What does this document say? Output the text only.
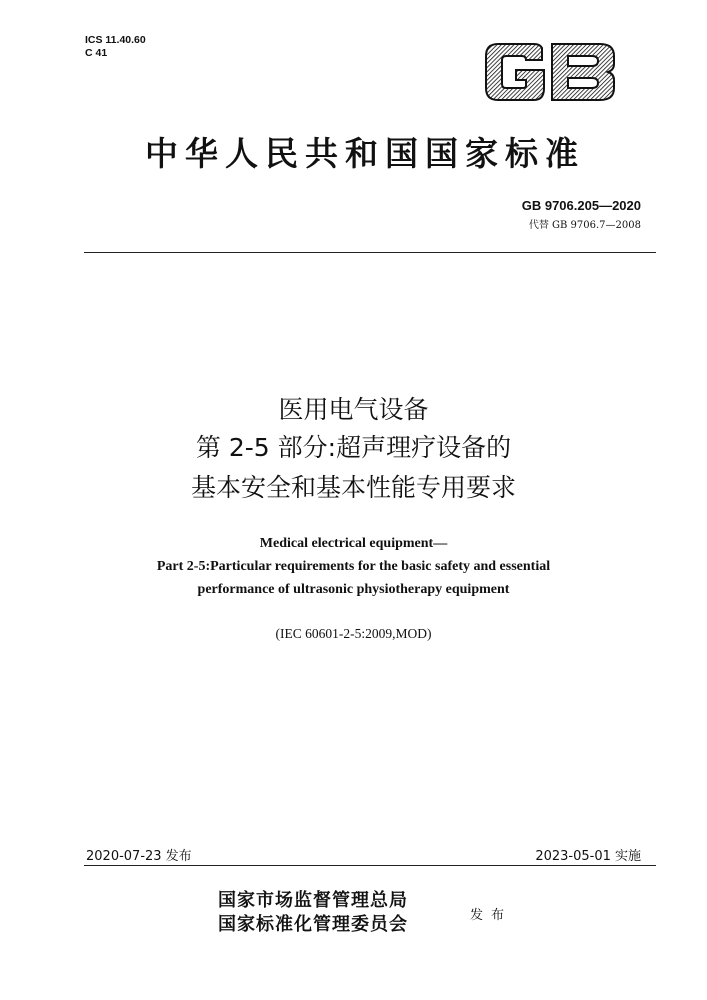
ICS 11.40.60
C 41
中华人民共和国国家标准
GB 9706.205—2020
代替 GB 9706.7—2008
医用电气设备
第 2-5 部分:超声理疗设备的
基本安全和基本性能专用要求
Medical electrical equipment—
Part 2-5:Particular requirements for the basic safety and essential
performance of ultrasonic physiotherapy equipment
(IEC 60601-2-5:2009,MOD)
2020-07-23 发布	2023-05-01 实施
国家市场监督管理总局
国家标准化管理委员会	发布
